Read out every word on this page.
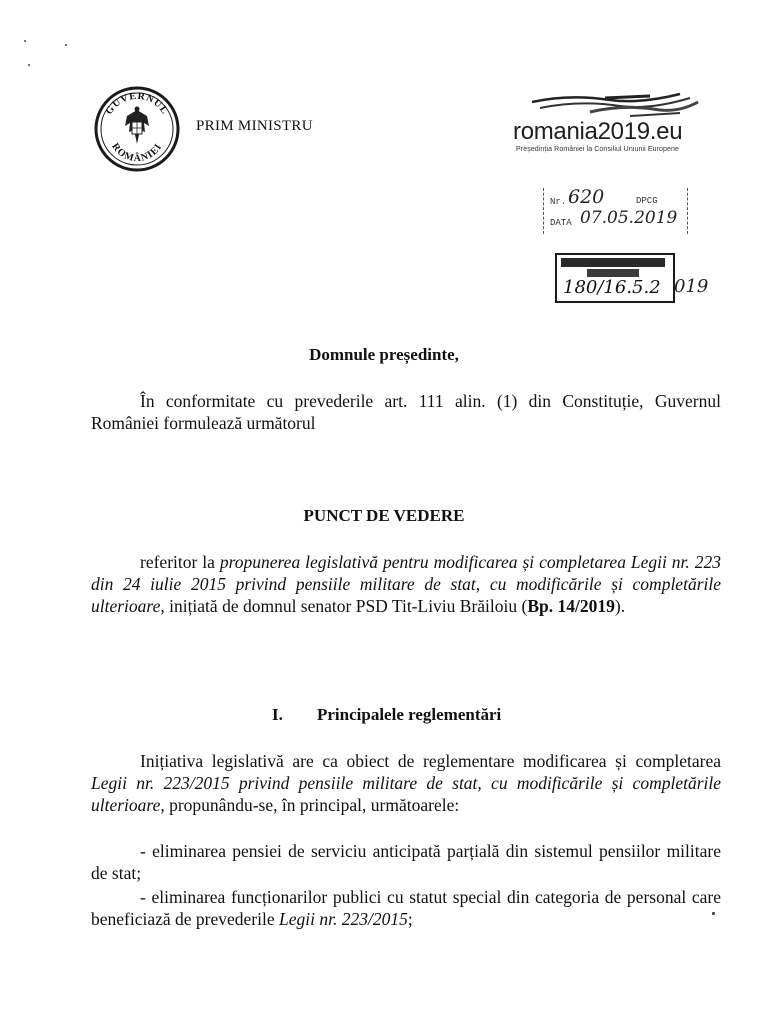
GUVERNUL
ROMÂNIEI
PRIM MINISTRU	romania2019.eu
Președinția României la Consiliul Uniunii Europene
Nr. 620	DPCG
DATA 07.05.2019
180/16.5.2 019
Domnule președinte,
În conformitate cu prevederile art. 111 alin. (1) din Constituție, Guvernul României formulează următorul
PUNCT DE VEDERE
referitor la propunerea legislativă pentru modificarea și completarea Legii nr. 223 din 24 iulie 2015 privind pensiile militare de stat, cu modificările și completările ulterioare, inițiată de domnul senator PSD Tit-Liviu Brăiloiu (Bp. 14/2019).
I. Principalele reglementări
Inițiativa legislativă are ca obiect de reglementare modificarea și completarea Legii nr. 223/2015 privind pensiile militare de stat, cu modificările și completările ulterioare, propunându-se, în principal, următoarele:
- eliminarea pensiei de serviciu anticipată parțială din sistemul pensiilor militare de stat;
- eliminarea funcționarilor publici cu statut special din categoria de personal care beneficiază de prevederile Legii nr. 223/2015;
